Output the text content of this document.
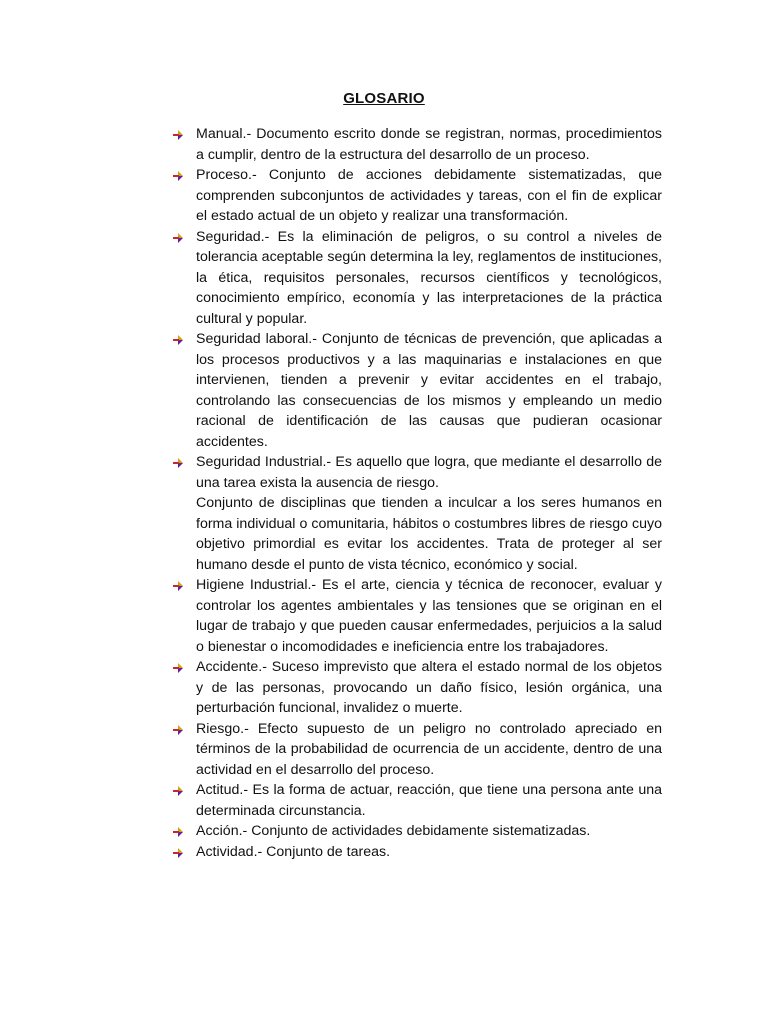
GLOSARIO
Manual.- Documento escrito donde se registran, normas, procedimientos a cumplir, dentro de la estructura del desarrollo de un proceso.
Proceso.- Conjunto de acciones debidamente sistematizadas, que comprenden subconjuntos de actividades y tareas, con el fin de explicar el estado actual de un objeto y realizar una transformación.
Seguridad.- Es la eliminación de peligros, o su control a niveles de tolerancia aceptable según determina la ley, reglamentos de instituciones, la ética, requisitos personales, recursos científicos y tecnológicos, conocimiento empírico, economía y las interpretaciones de la práctica cultural y popular.
Seguridad laboral.- Conjunto de técnicas de prevención, que aplicadas a los procesos productivos y a las maquinarias e instalaciones en que intervienen, tienden a prevenir y evitar accidentes en el trabajo, controlando las consecuencias de los mismos y empleando un medio racional de identificación de las causas que pudieran ocasionar accidentes.
Seguridad Industrial.- Es aquello que logra, que mediante el desarrollo de una tarea exista la ausencia de riesgo.
Conjunto de disciplinas que tienden a inculcar a los seres humanos en forma individual o comunitaria, hábitos o costumbres libres de riesgo cuyo objetivo primordial es evitar los accidentes. Trata de proteger al ser humano desde el punto de vista técnico, económico y social.
Higiene Industrial.- Es el arte, ciencia y técnica de reconocer, evaluar y controlar los agentes ambientales y las tensiones que se originan en el lugar de trabajo y que pueden causar enfermedades, perjuicios a la salud o bienestar o incomodidades e ineficiencia entre los trabajadores.
Accidente.- Suceso imprevisto que altera el estado normal de los objetos y de las personas, provocando un daño físico, lesión orgánica, una perturbación funcional, invalidez o muerte.
Riesgo.- Efecto supuesto de un peligro no controlado apreciado en términos de la probabilidad de ocurrencia de un accidente, dentro de una actividad en el desarrollo del proceso.
Actitud.- Es la forma de actuar, reacción, que tiene una persona ante una determinada circunstancia.
Acción.- Conjunto de actividades debidamente sistematizadas.
Actividad.- Conjunto de tareas.
